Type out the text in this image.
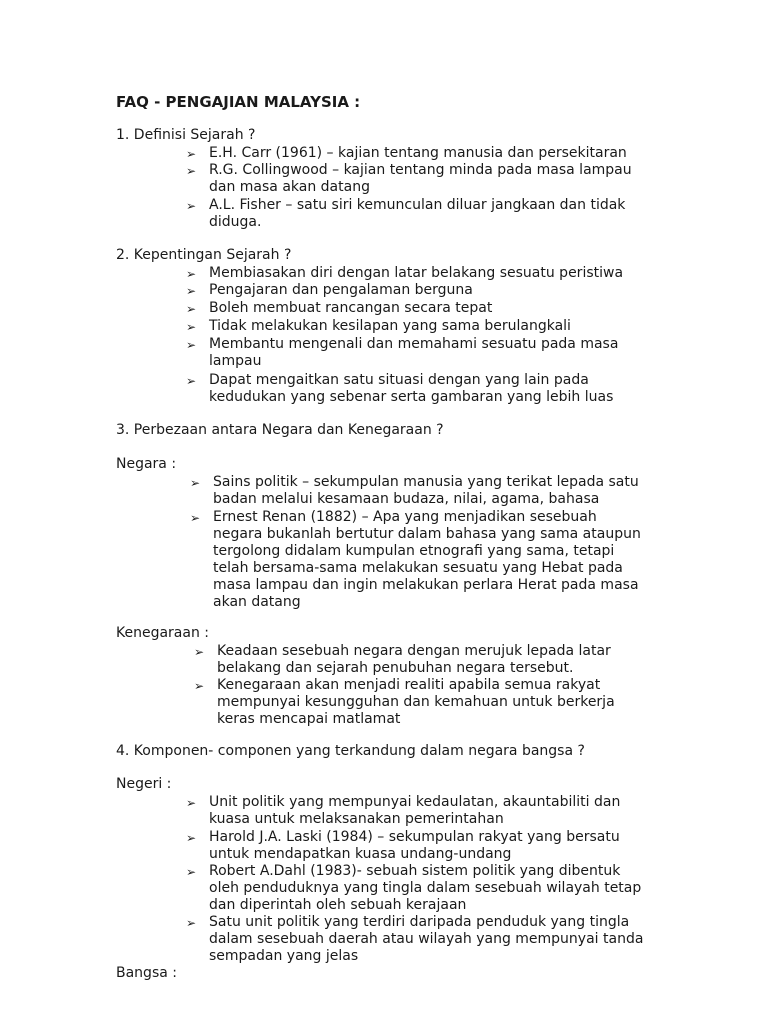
FAQ - PENGAJIAN MALAYSIA :
1. Definisi Sejarah ?
➢ E.H. Carr (1961) – kajian tentang manusia dan persekitaran
➢ R.G. Collingwood – kajian tentang minda pada masa lampau
dan masa akan datang
➢ A.L. Fisher – satu siri kemunculan diluar jangkaan dan tidak
diduga.
2. Kepentingan Sejarah ?
➢ Membiasakan diri dengan latar belakang sesuatu peristiwa
➢ Pengajaran dan pengalaman berguna
➢ Boleh membuat rancangan secara tepat
➢ Tidak melakukan kesilapan yang sama berulangkali
➢ Membantu mengenali dan memahami sesuatu pada masa
lampau
➢ Dapat mengaitkan satu situasi dengan yang lain pada
kedudukan yang sebenar serta gambaran yang lebih luas
3. Perbezaan antara Negara dan Kenegaraan ?
Negara :
➢ Sains politik – sekumpulan manusia yang terikat lepada satu
badan melalui kesamaan budaza, nilai, agama, bahasa
➢ Ernest Renan (1882) – Apa yang menjadikan sesebuah
negara bukanlah bertutur dalam bahasa yang sama ataupun
tergolong didalam kumpulan etnografi yang sama, tetapi
telah bersama-sama melakukan sesuatu yang Hebat pada
masa lampau dan ingin melakukan perlara Herat pada masa
akan datang
Kenegaraan :
➢ Keadaan sesebuah negara dengan merujuk lepada latar
belakang dan sejarah penubuhan negara tersebut.
➢ Kenegaraan akan menjadi realiti apabila semua rakyat
mempunyai kesungguhan dan kemahuan untuk berkerja
keras mencapai matlamat
4. Komponen- componen yang terkandung dalam negara bangsa ?
Negeri :
➢ Unit politik yang mempunyai kedaulatan, akauntabiliti dan
kuasa untuk melaksanakan pemerintahan
➢ Harold J.A. Laski (1984) – sekumpulan rakyat yang bersatu
untuk mendapatkan kuasa undang-undang
➢ Robert A.Dahl (1983)- sebuah sistem politik yang dibentuk
oleh penduduknya yang tingla dalam sesebuah wilayah tetap
dan diperintah oleh sebuah kerajaan
➢ Satu unit politik yang terdiri daripada penduduk yang tingla
dalam sesebuah daerah atau wilayah yang mempunyai tanda
sempadan yang jelas
Bangsa :
